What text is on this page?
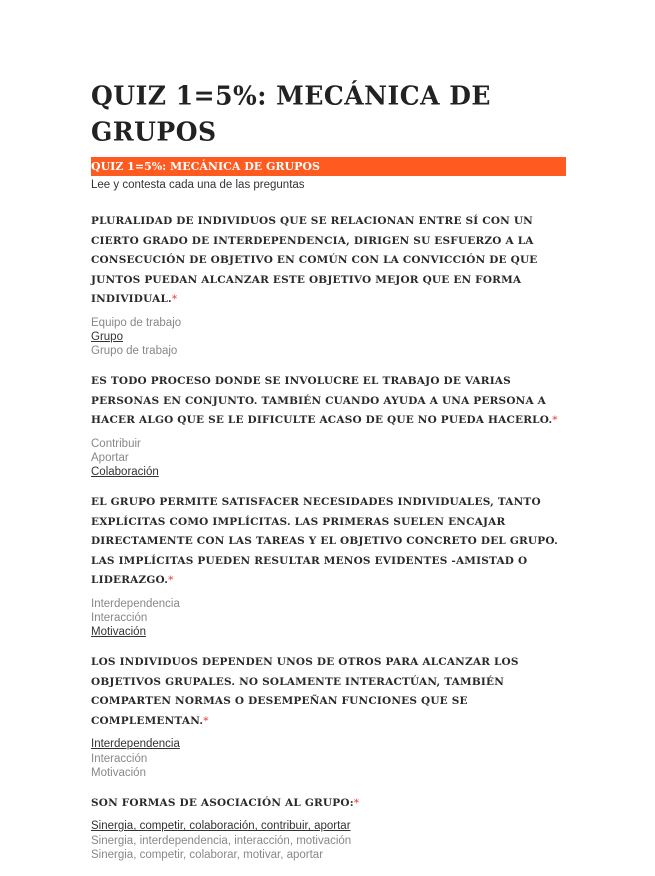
QUIZ 1=5%: MECÁNICA DE GRUPOS
QUIZ 1=5%: MECÁNICA DE GRUPOS
Lee y contesta cada una de las preguntas
PLURALIDAD DE INDIVIDUOS QUE SE RELACIONAN ENTRE SÍ CON UN CIERTO GRADO DE INTERDEPENDENCIA, DIRIGEN SU ESFUERZO A LA CONSECUCIÓN DE OBJETIVO EN COMÚN CON LA CONVICCIÓN DE QUE JUNTOS PUEDAN ALCANZAR ESTE OBJETIVO MEJOR QUE EN FORMA INDIVIDUAL.*
Equipo de trabajo
Grupo
Grupo de trabajo
ES TODO PROCESO DONDE SE INVOLUCRE EL TRABAJO DE VARIAS PERSONAS EN CONJUNTO. TAMBIÉN CUANDO AYUDA A UNA PERSONA A HACER ALGO QUE SE LE DIFICULTE ACASO DE QUE NO PUEDA HACERLO.*
Contribuir
Aportar
Colaboración
EL GRUPO PERMITE SATISFACER NECESIDADES INDIVIDUALES, TANTO EXPLÍCITAS COMO IMPLÍCITAS. LAS PRIMERAS SUELEN ENCAJAR DIRECTAMENTE CON LAS TAREAS Y EL OBJETIVO CONCRETO DEL GRUPO. LAS IMPLÍCITAS PUEDEN RESULTAR MENOS EVIDENTES -AMISTAD O LIDERAZGO.*
Interdependencia
Interacción
Motivación
LOS INDIVIDUOS DEPENDEN UNOS DE OTROS PARA ALCANZAR LOS OBJETIVOS GRUPALES. NO SOLAMENTE INTERACTÚAN, TAMBIÉN COMPARTEN NORMAS O DESEMPEÑAN FUNCIONES QUE SE COMPLEMENTAN.*
Interdependencia
Interacción
Motivación
SON FORMAS DE ASOCIACIÓN AL GRUPO:*
Sinergia, competir, colaboración, contribuir, aportar
Sinergia, interdependencia, interacción, motivación
Sinergia, competir, colaborar, motivar, aportar
